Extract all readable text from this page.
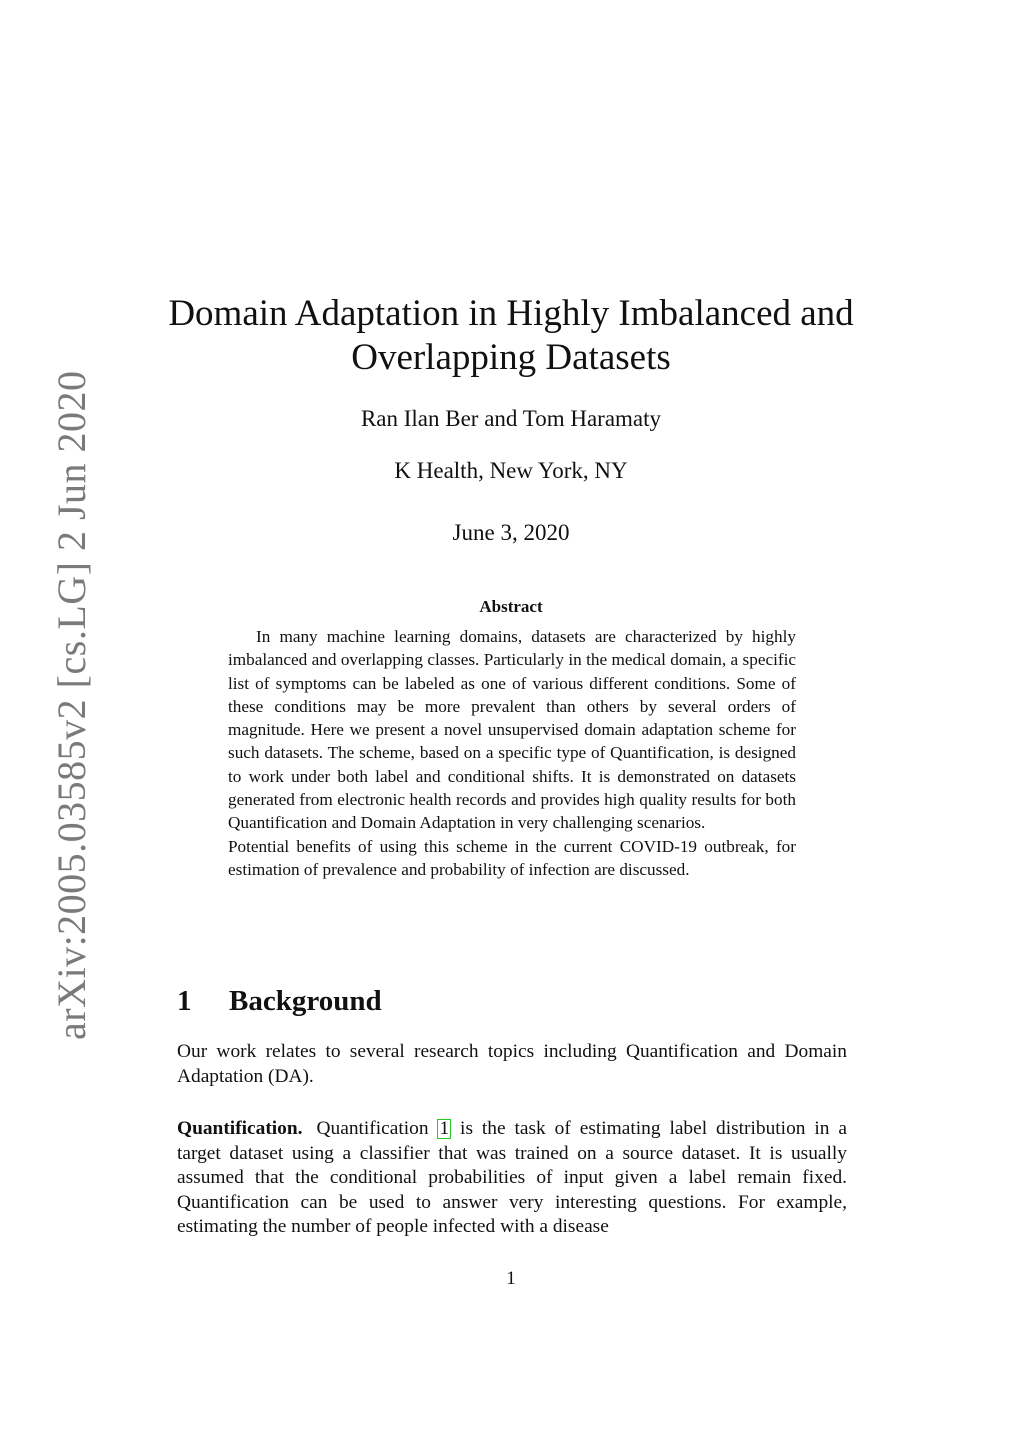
arXiv:2005.03585v2 [cs.LG] 2 Jun 2020
Domain Adaptation in Highly Imbalanced and Overlapping Datasets
Ran Ilan Ber and Tom Haramaty
K Health, New York, NY
June 3, 2020
Abstract

In many machine learning domains, datasets are characterized by highly imbalanced and overlapping classes. Particularly in the medical domain, a specific list of symptoms can be labeled as one of various different conditions. Some of these conditions may be more prevalent than others by several orders of magnitude. Here we present a novel unsupervised domain adaptation scheme for such datasets. The scheme, based on a specific type of Quantification, is designed to work under both label and conditional shifts. It is demonstrated on datasets generated from electronic health records and provides high quality results for both Quantification and Domain Adaptation in very challenging scenarios.

Potential benefits of using this scheme in the current COVID-19 outbreak, for estimation of prevalence and probability of infection are discussed.

1 Background

Our work relates to several research topics including Quantification and Domain Adaptation (DA).

Quantification. Quantification 1 is the task of estimating label distribution in a target dataset using a classifier that was trained on a source dataset. It is usually assumed that the conditional probabilities of input given a label remain fixed. Quantification can be used to answer very interesting questions. For example, estimating the number of people infected with a disease

1
